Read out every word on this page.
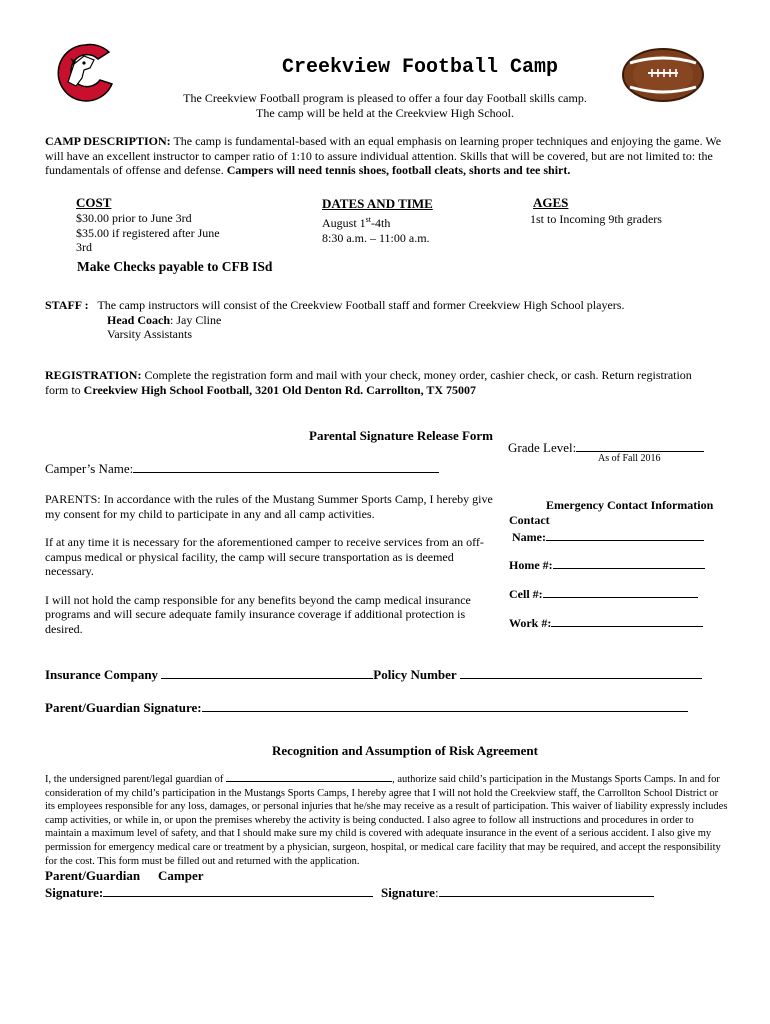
Creekview Football Camp
The Creekview Football program is pleased to offer a four day Football skills camp.
The camp will be held at the Creekview High School.
CAMP DESCRIPTION: The camp is fundamental-based with an equal emphasis on learning proper techniques and enjoying the game. We will have an excellent instructor to camper ratio of 1:10 to assure individual attention. Skills that will be covered, but are not limited to: the fundamentals of offense and defense. Campers will need tennis shoes, football cleats, shorts and tee shirt.
COST
$30.00 prior to June 3rd
$35.00 if registered after June
3rd
Make Checks payable to CFB ISd
DATES AND TIME
August 1st-4th
8:30 a.m. – 11:00 a.m.
AGES
1st to Incoming 9th graders
STAFF : The camp instructors will consist of the Creekview Football staff and former Creekview High School players.
Head Coach: Jay Cline
Varsity Assistants
REGISTRATION: Complete the registration form and mail with your check, money order, cashier check, or cash. Return registration form to Creekview High School Football, 3201 Old Denton Rd. Carrollton, TX 75007
Parental Signature Release Form
Grade Level:
As of Fall 2016
Camper’s Name:

PARENTS: In accordance with the rules of the Mustang Summer Sports Camp, I hereby give my consent for my child to participate in any and all camp activities.

If at any time it is necessary for the aforementioned camper to receive services from an off-campus medical or physical facility, the camp will secure transportation as is deemed necessary.

I will not hold the camp responsible for any benefits beyond the camp medical insurance programs and will secure adequate family insurance coverage if additional protection is desired.

Emergency Contact Information
Contact
Name:
Home #:
Cell #:
Work #:
Insurance Company	Policy Number
Parent/Guardian Signature:
Recognition and Assumption of Risk Agreement
I, the undersigned parent/legal guardian of	, authorize said child’s participation in the Mustangs Sports Camps. In and for consideration of my child’s participation in the Mustangs Sports Camps, I hereby agree that I will not hold the Creekview staff, the Carrollton School District or its employees responsible for any loss, damages, or personal injuries that he/she may receive as a result of participation. This waiver of liability expressly includes camp activities, or while in, or upon the premises whereby the activity is being conducted. I also agree to follow all instructions and procedures in order to maintain a maximum level of safety, and that I should make sure my child is covered with adequate insurance in the event of a serious accident. I also give my permission for emergency medical care or treatment by a physician, surgeon, hospital, or medical care facility that may be required, and accept the responsibility for the cost. This form must be filled out and returned with the application.
Parent/Guardian
Signature:
Camper
Signature:
